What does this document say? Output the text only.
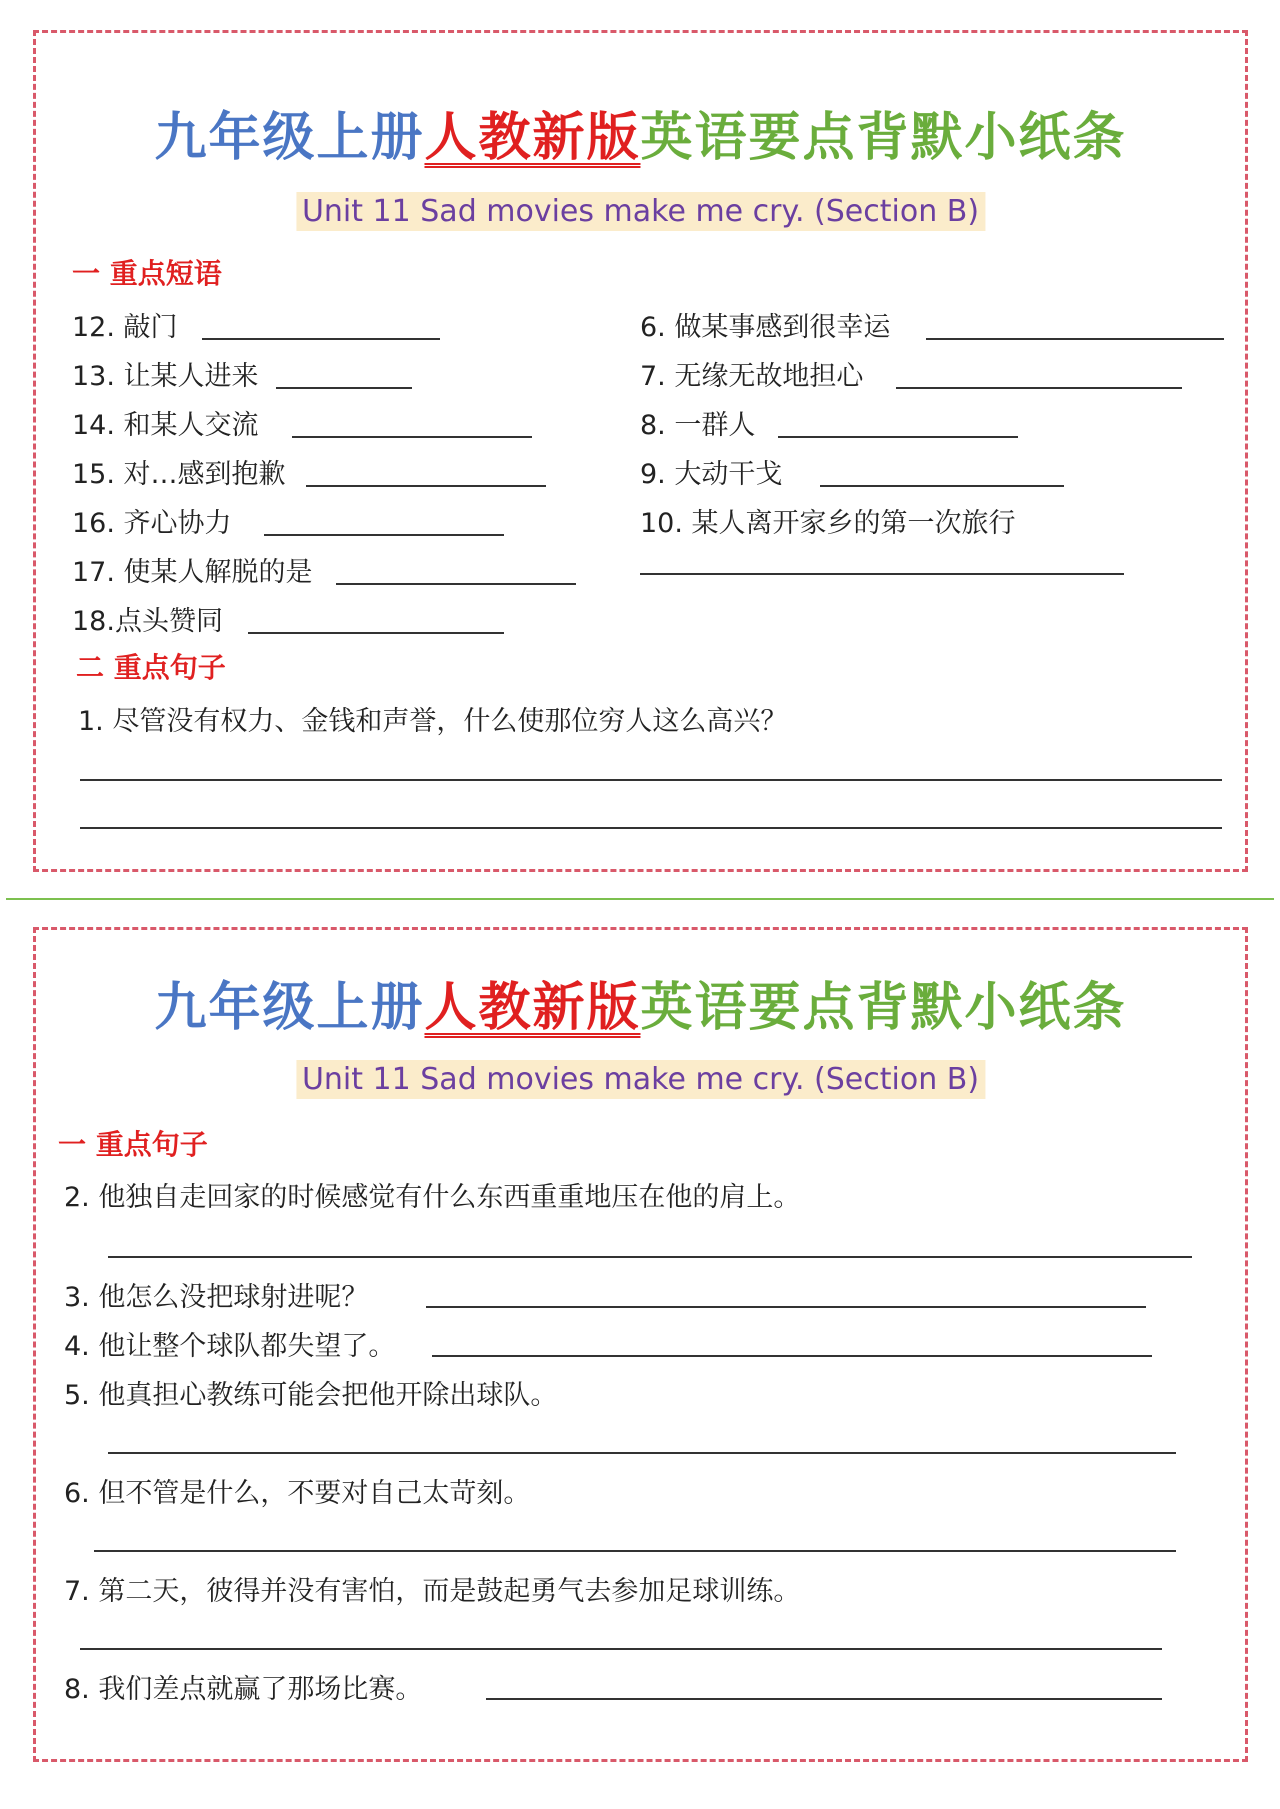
九年级上册人教新版英语要点背默小纸条
Unit 11 Sad movies make me cry. (Section B)
一 重点短语
12. 敲门
13. 让某人进来
14. 和某人交流
15. 对…感到抱歉
16. 齐心协力
17. 使某人解脱的是
18.点头赞同
6. 做某事感到很幸运
7. 无缘无故地担心
8. 一群人
9. 大动干戈
10. 某人离开家乡的第一次旅行
二 重点句子
1. 尽管没有权力、金钱和声誉，什么使那位穷人这么高兴？
九年级上册人教新版英语要点背默小纸条
Unit 11 Sad movies make me cry. (Section B)
一 重点句子
2. 他独自走回家的时候感觉有什么东西重重地压在他的肩上。
3. 他怎么没把球射进呢？
4. 他让整个球队都失望了。
5. 他真担心教练可能会把他开除出球队。
6. 但不管是什么，不要对自己太苛刻。
7. 第二天，彼得并没有害怕，而是鼓起勇气去参加足球训练。
8. 我们差点就赢了那场比赛。
